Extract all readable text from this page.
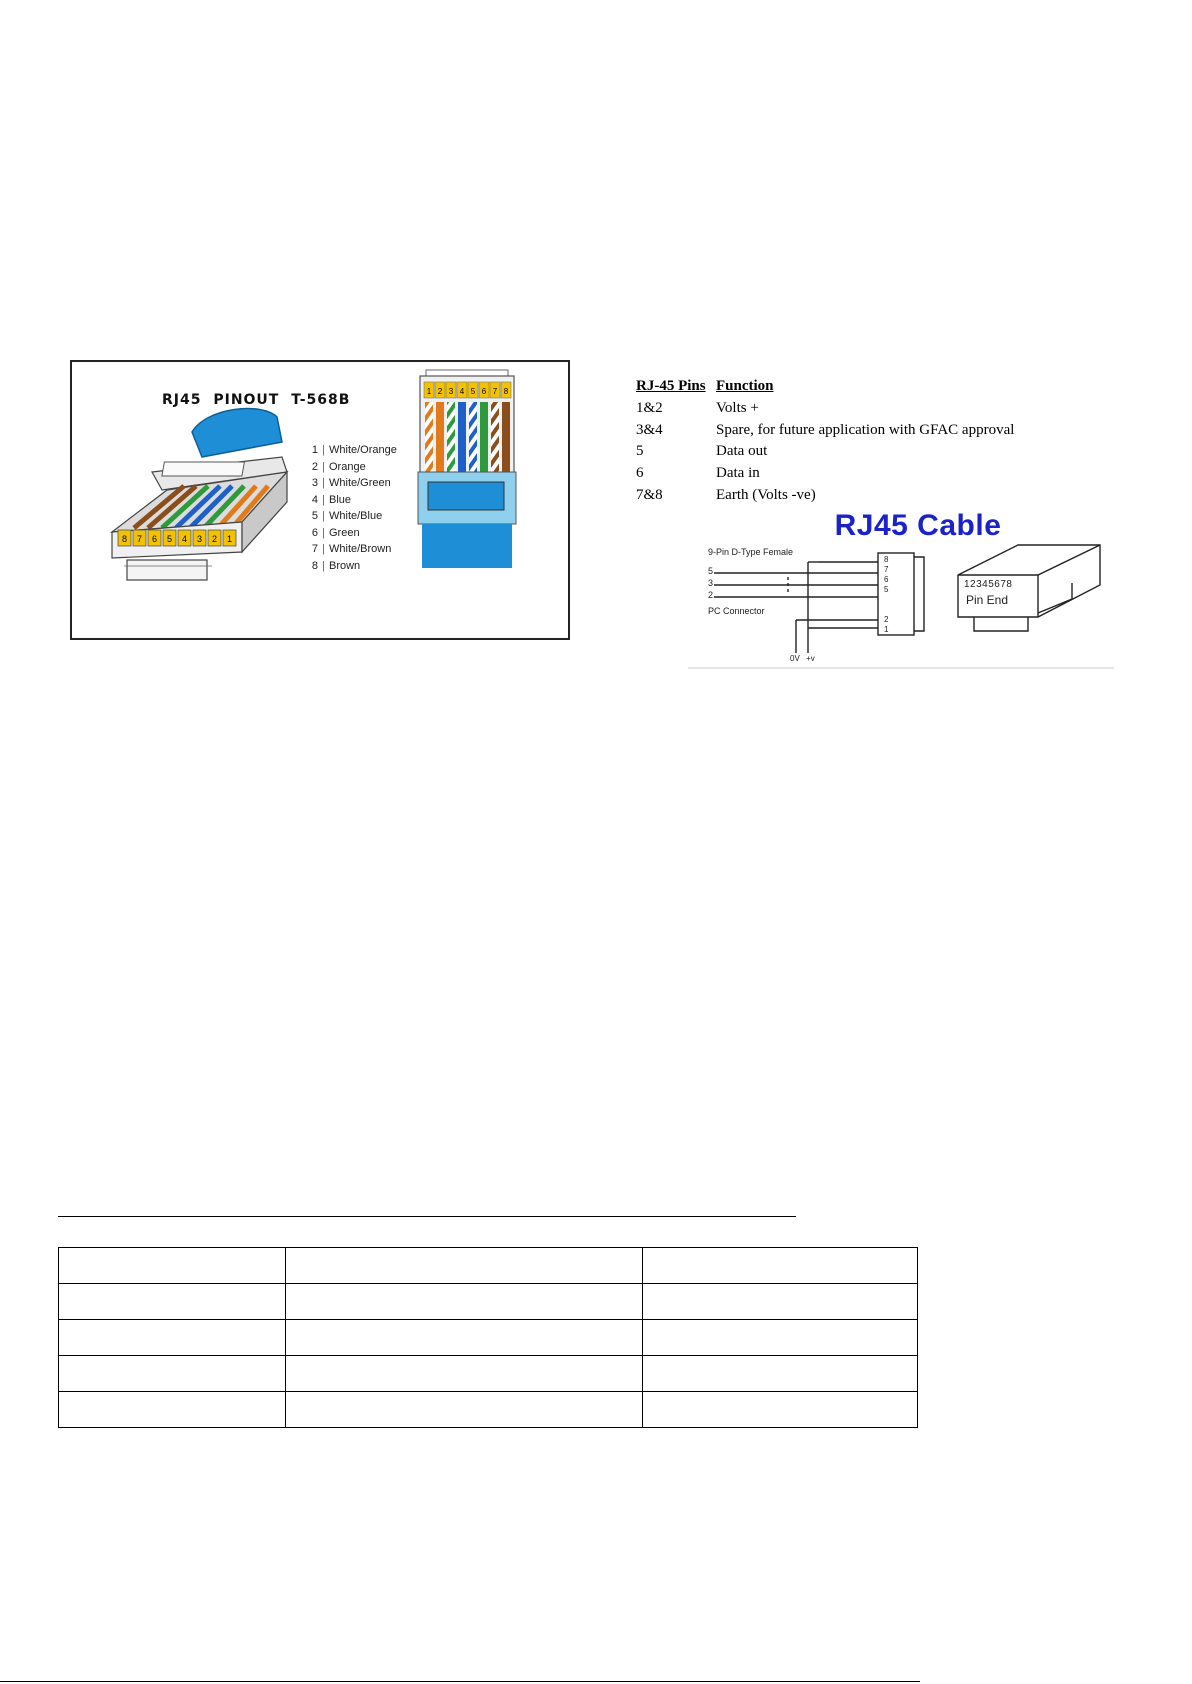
8 7 6 5 4 3 2 1
1 2 3 4 5 6 7 8
RJ45 PINOUT T-568B
1 | White/Orange
2 | Orange
3 | White/Green
4 | Blue
5 | White/Blue
6 | Green
7 | White/Brown
8 | Brown
RJ-45 Pins Function
1&2	Volts +
3&4	Spare, for future application with GFAC approval
5	Data out
6	Data in
7&8	Earth (Volts -ve)
RJ45 Cable
9-Pin D-Type Female
5
3
2
PC Connector
8
7
6
5
2
1
0V +v
12345678
Pin End
